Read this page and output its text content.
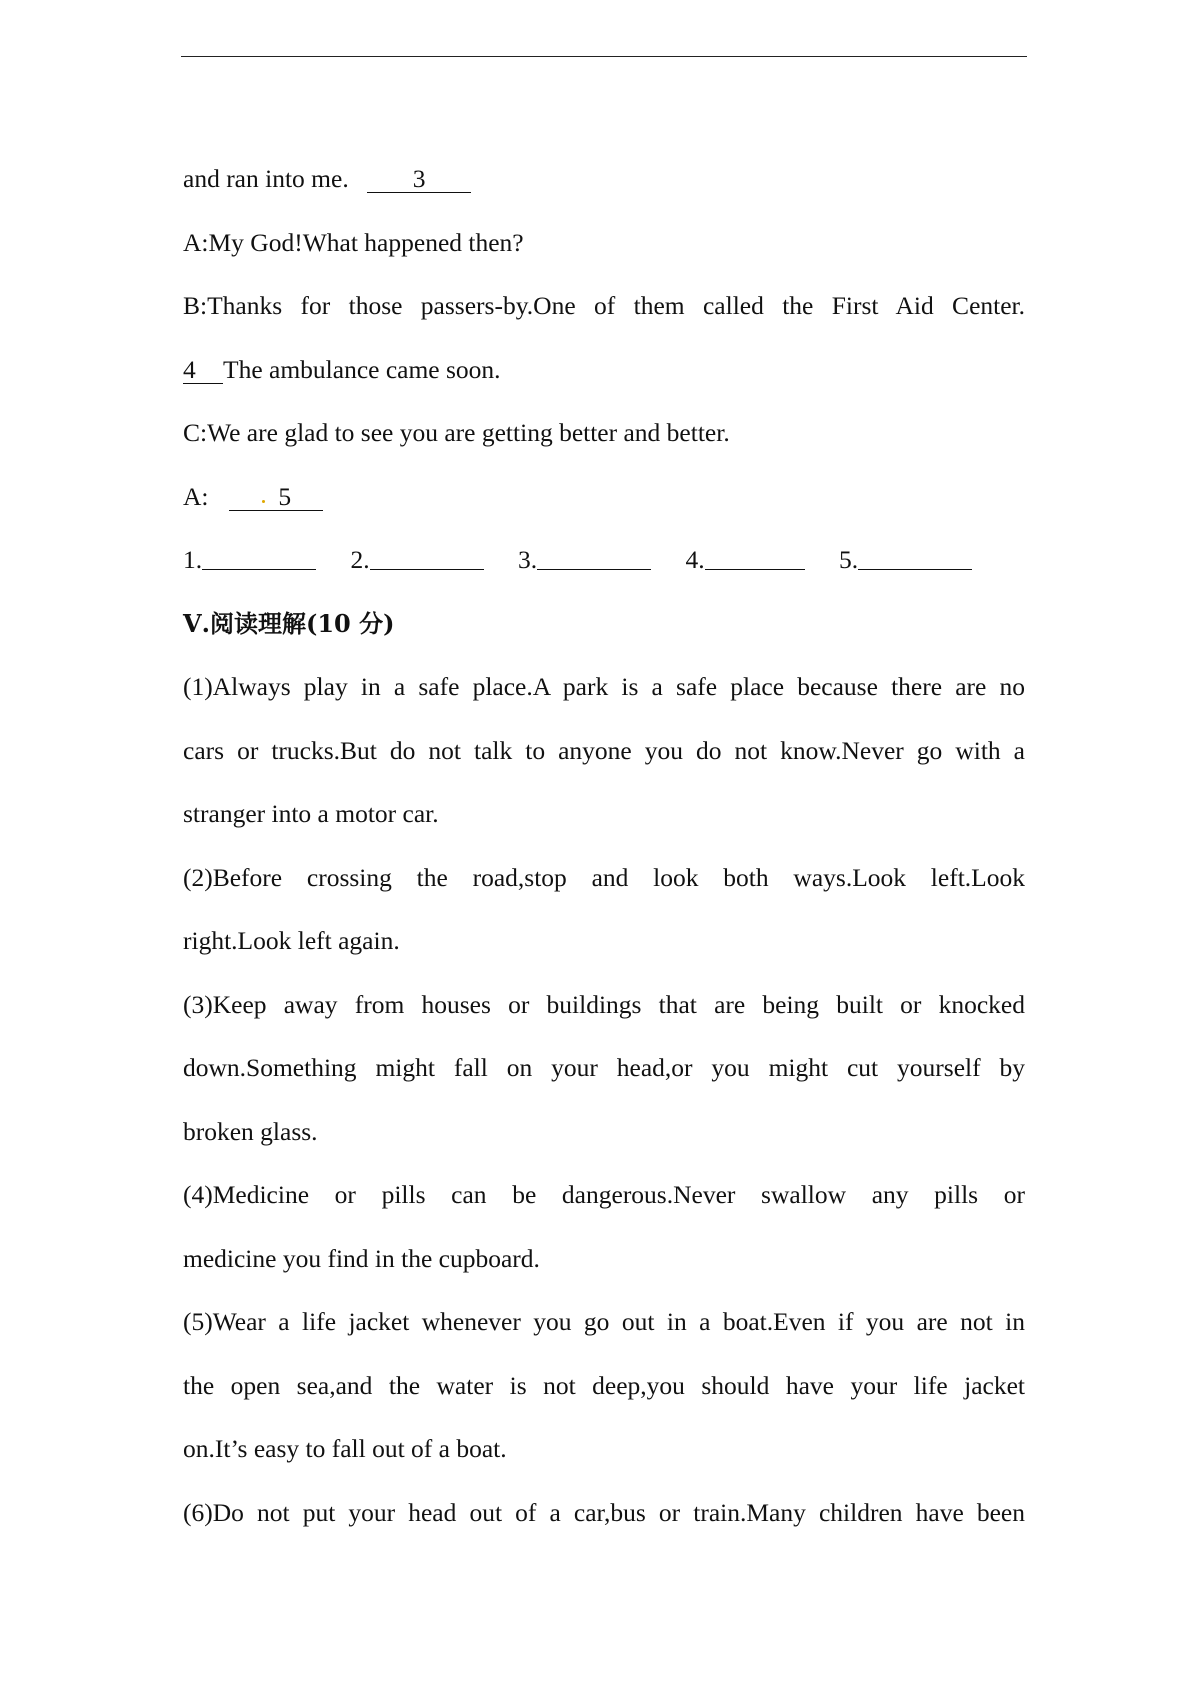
and ran into me.	3
A:My God!What happened then?
B:Thanks for those passers-by.One of them called the First Aid Center.
4 The ambulance came soon.
C:We are glad to see you are getting better and better.
A:	5
1.	2.	3.	4.	5.
Ⅴ.阅读理解(10 分)
(1)Always play in a safe place.A park is a safe place because there are no
cars or trucks.But do not talk to anyone you do not know.Never go with a
stranger into a motor car.
(2)Before crossing the road,stop and look both ways.Look left.Look
right.Look left again.
(3)Keep away from houses or buildings that are being built or knocked
down.Something might fall on your head,or you might cut yourself by
broken glass.
(4)Medicine or pills can be dangerous.Never swallow any pills or
medicine you find in the cupboard.
(5)Wear a life jacket whenever you go out in a boat.Even if you are not in
the open sea,and the water is not deep,you should have your life jacket
on.It’s easy to fall out of a boat.
(6)Do not put your head out of a car,bus or train.Many children have been
